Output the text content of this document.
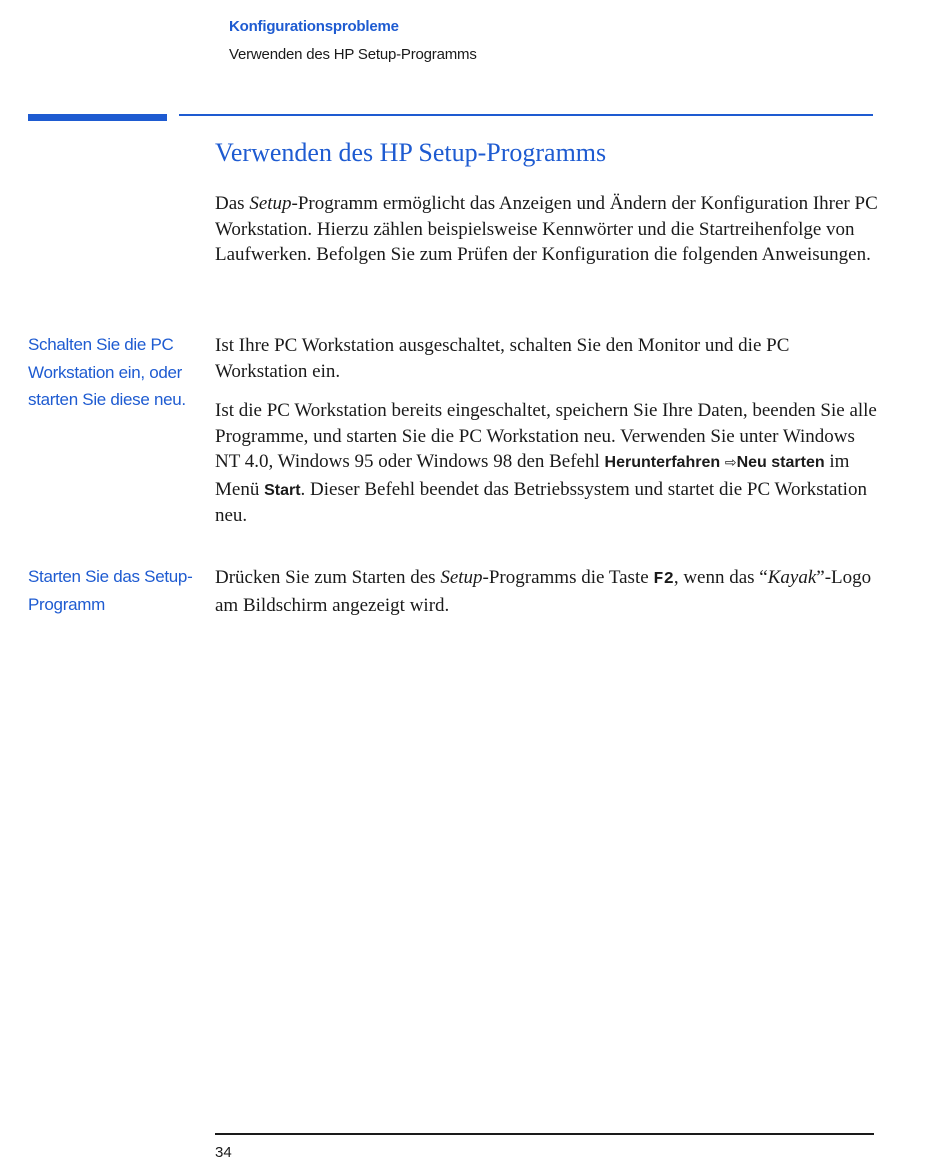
Konfigurationsprobleme
Verwenden des HP Setup-Programms
Verwenden des HP Setup-Programms

Das Setup-Programm ermöglicht das Anzeigen und Ändern der Konfiguration Ihrer PC Workstation. Hierzu zählen beispielsweise Kennwörter und die Startreihenfolge von Laufwerken. Befolgen Sie zum Prüfen der Konfiguration die folgenden Anweisungen.

Schalten Sie die PC Workstation ein, oder starten Sie diese neu.

Ist Ihre PC Workstation ausgeschaltet, schalten Sie den Monitor und die PC Workstation ein.

Ist die PC Workstation bereits eingeschaltet, speichern Sie Ihre Daten, beenden Sie alle Programme, und starten Sie die PC Workstation neu. Verwenden Sie unter Windows NT 4.0, Windows 95 oder Windows 98 den Befehl Herunterfahren ⇨Neu starten im Menü Start. Dieser Befehl beendet das Betriebssystem und startet die PC Workstation neu.

Starten Sie das Setup-Programm

Drücken Sie zum Starten des Setup-Programms die Taste F2, wenn das “Kayak”-Logo am Bildschirm angezeigt wird.

34
